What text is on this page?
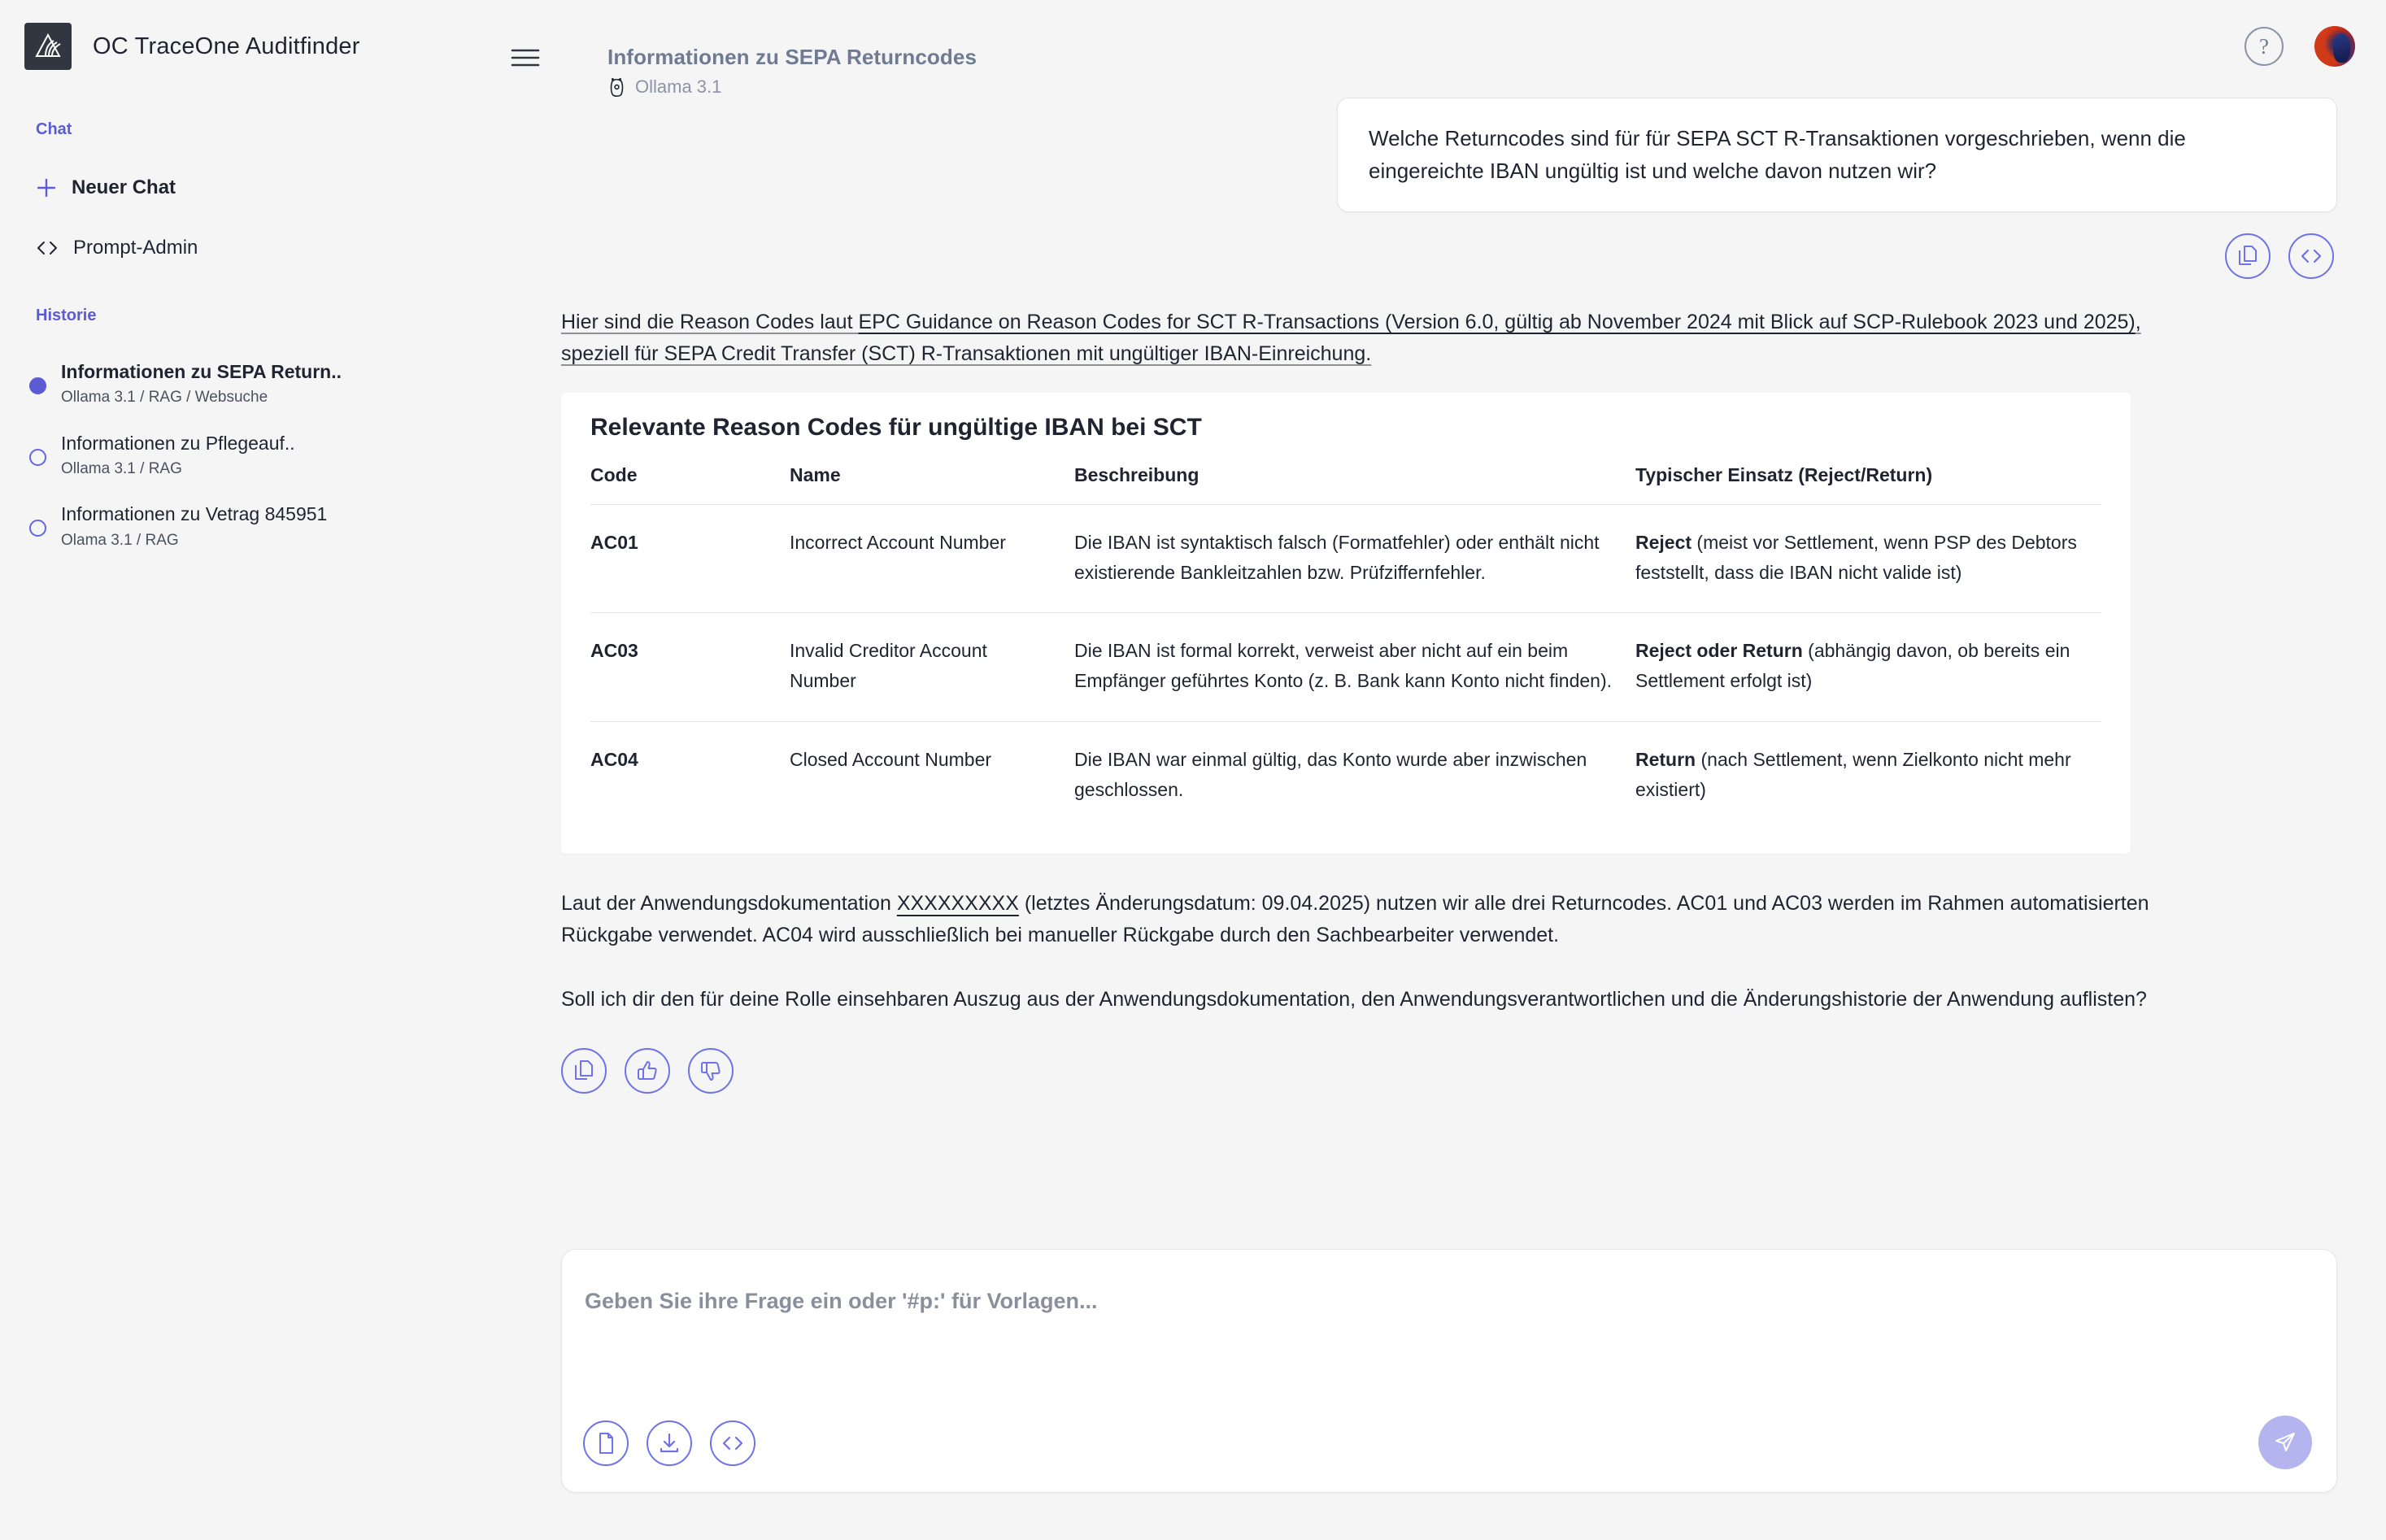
OC TraceOne Auditfinder
Chat
Neuer Chat
Prompt-Admin
Historie
Informationen zu SEPA Return..
Ollama 3.1 / RAG / Websuche
Informationen zu Pflegeauf..
Ollama 3.1 / RAG
Informationen zu Vetrag 845951
Olama 3.1 / RAG
Informationen zu SEPA Returncodes
Ollama 3.1
?

Welche Returncodes sind für für SEPA SCT R-Transaktionen vorgeschrieben, wenn die eingereichte IBAN ungültig ist und welche davon nutzen wir?

Hier sind die Reason Codes laut EPC Guidance on Reason Codes for SCT R-Transactions (Version 6.0, gültig ab November 2024 mit Blick auf SCP-Rulebook 2023 und 2025), speziell für SEPA Credit Transfer (SCT) R-Transaktionen mit ungültiger IBAN-Einreichung.

Relevante Reason Codes für ungültige IBAN bei SCT
Code	Name	Beschreibung	Typischer Einsatz (Reject/Return)
AC01	Incorrect Account Number	Die IBAN ist syntaktisch falsch (Formatfehler) oder enthält nicht existierende Bankleitzahlen bzw. Prüfziffernfehler.	Reject (meist vor Settlement, wenn PSP des Debtors feststellt, dass die IBAN nicht valide ist)
AC03	Invalid Creditor Account Number	Die IBAN ist formal korrekt, verweist aber nicht auf ein beim Empfänger geführtes Konto (z. B. Bank kann Konto nicht finden).	Reject oder Return (abhängig davon, ob bereits ein Settlement erfolgt ist)
AC04	Closed Account Number	Die IBAN war einmal gültig, das Konto wurde aber inzwischen geschlossen.	Return (nach Settlement, wenn Zielkonto nicht mehr existiert)

Laut der Anwendungsdokumentation XXXXXXXXX (letztes Änderungsdatum: 09.04.2025) nutzen wir alle drei Returncodes. AC01 und AC03 werden im Rahmen automatisierten Rückgabe verwendet. AC04 wird ausschließlich bei manueller Rückgabe durch den Sachbearbeiter verwendet.

Soll ich dir den für deine Rolle einsehbaren Auszug aus der Anwendungsdokumentation, den Anwendungsverantwortlichen und die Änderungshistorie der Anwendung auflisten?

Geben Sie ihre Frage ein oder '#p:' für Vorlagen...
